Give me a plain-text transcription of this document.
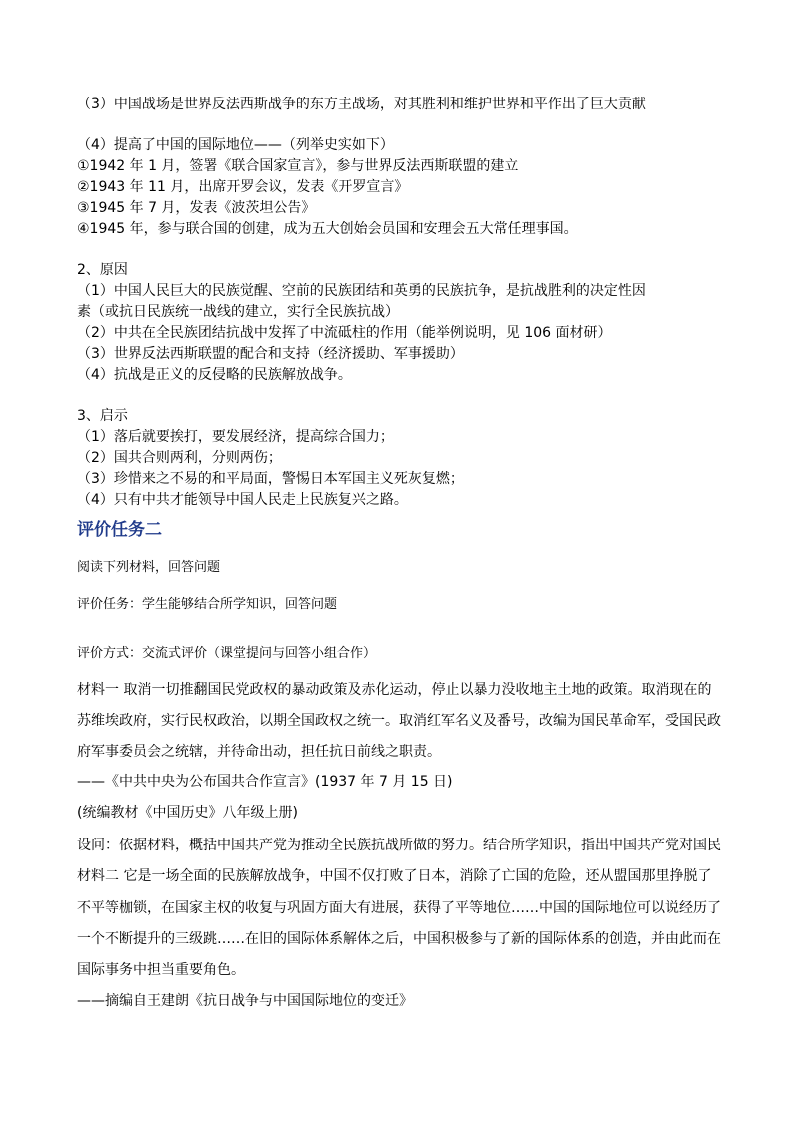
（3）中国战场是世界反法西斯战争的东方主战场，对其胜利和维护世界和平作出了巨大贡献
（4）提高了中国的国际地位——（列举史实如下）
①1942 年 1 月，签署《联合国家宣言》，参与世界反法西斯联盟的建立
②1943 年 11 月，出席开罗会议，发表《开罗宣言》
③1945 年 7 月，发表《波茨坦公告》
④1945 年，参与联合国的创建，成为五大创始会员国和安理会五大常任理事国。
2、原因
（1）中国人民巨大的民族觉醒、空前的民族团结和英勇的民族抗争，是抗战胜利的决定性因
素（或抗日民族统一战线的建立，实行全民族抗战）
（2）中共在全民族团结抗战中发挥了中流砥柱的作用（能举例说明，见 106 面材研）
（3）世界反法西斯联盟的配合和支持（经济援助、军事援助）
（4）抗战是正义的反侵略的民族解放战争。
3、启示
（1）落后就要挨打，要发展经济，提高综合国力；
（2）国共合则两利，分则两伤；
（3）珍惜来之不易的和平局面，警惕日本军国主义死灰复燃；
（4）只有中共才能领导中国人民走上民族复兴之路。
评价任务二
阅读下列材料，回答问题
评价任务：学生能够结合所学知识，回答问题
评价方式：交流式评价（课堂提问与回答小组合作）
材料一 取消一切推翻国民党政权的暴动政策及赤化运动，停止以暴力没收地主土地的政策。取消现在的
苏维埃政府，实行民权政治，以期全国政权之统一。取消红军名义及番号，改编为国民革命军，受国民政
府军事委员会之统辖，并待命出动，担任抗日前线之职责。
——《中共中央为公布国共合作宣言》(1937 年 7 月 15 日)
(统编教材《中国历史》八年级上册)
设问：依据材料，概括中国共产党为推动全民族抗战所做的努力。结合所学知识，指出中国共产党对国民
材料二 它是一场全面的民族解放战争，中国不仅打败了日本，消除了亡国的危险，还从盟国那里挣脱了
不平等枷锁，在国家主权的收复与巩固方面大有进展，获得了平等地位……中国的国际地位可以说经历了
一个不断提升的三级跳……在旧的国际体系解体之后，中国积极参与了新的国际体系的创造，并由此而在
国际事务中担当重要角色。
——摘编自王建朗《抗日战争与中国国际地位的变迁》
